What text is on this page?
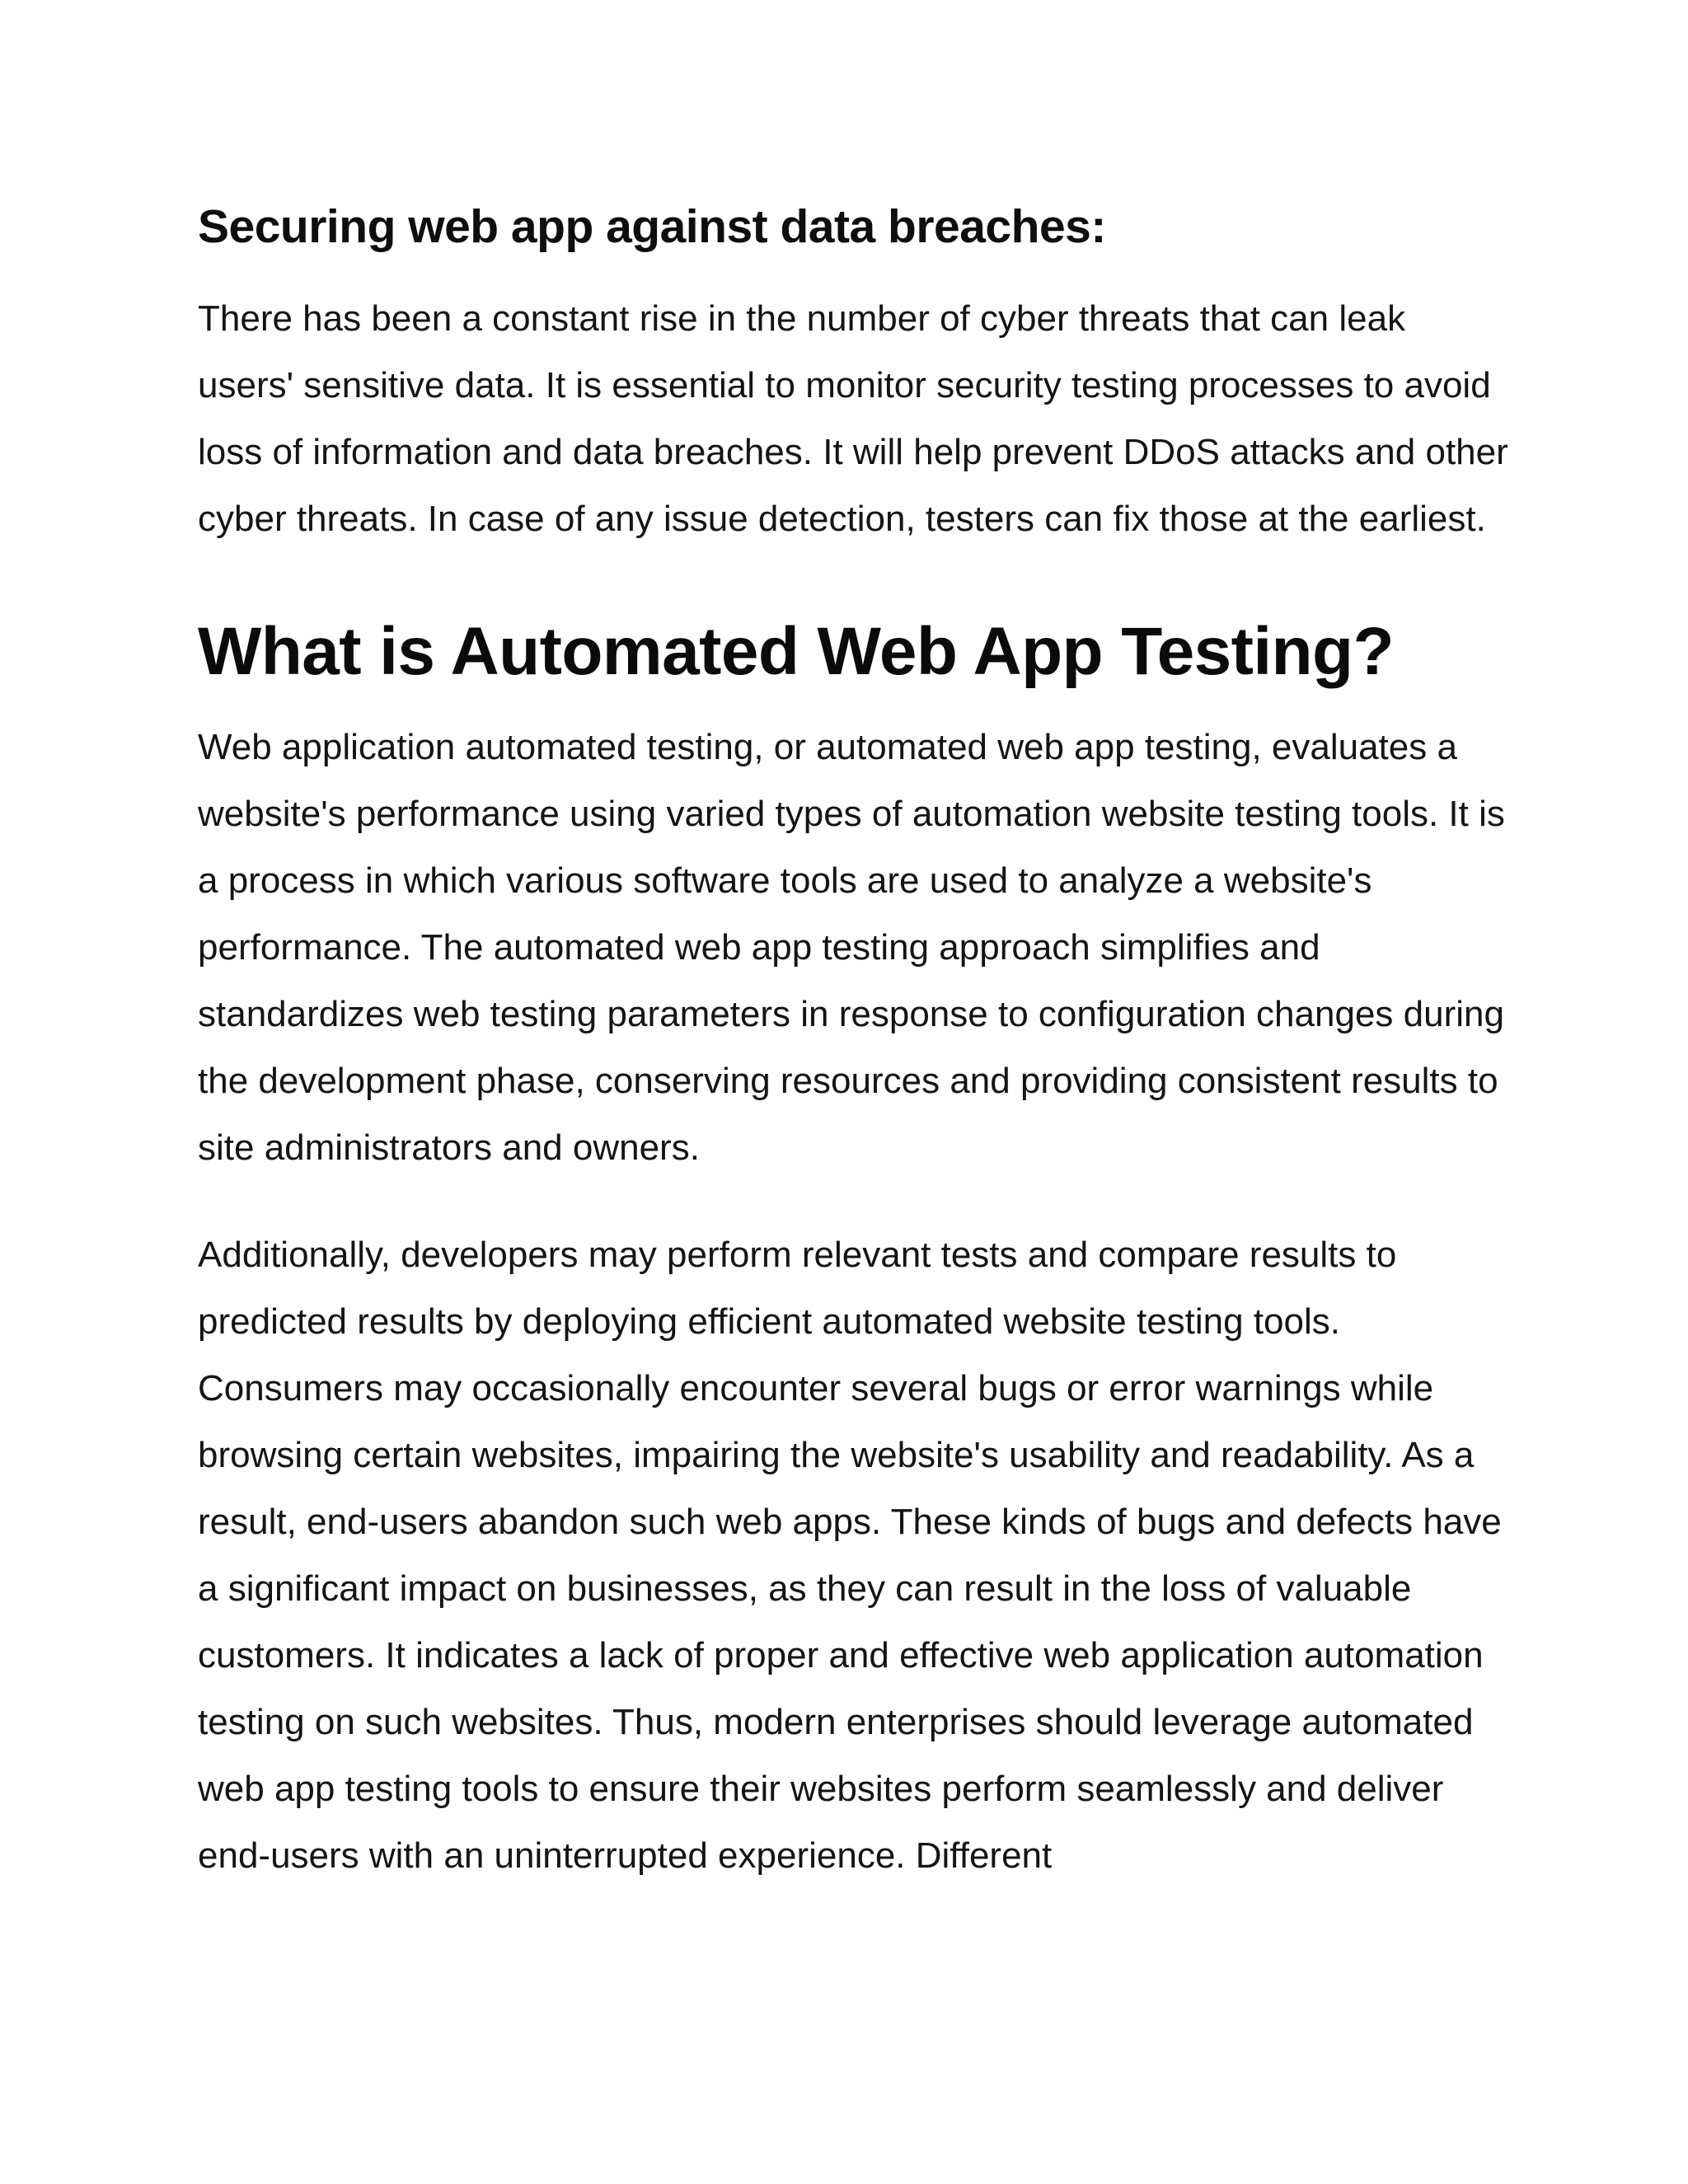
Securing web app against data breaches:

There has been a constant rise in the number of cyber threats that can leak users' sensitive data. It is essential to monitor security testing processes to avoid loss of information and data breaches. It will help prevent DDoS attacks and other cyber threats. In case of any issue detection, testers can fix those at the earliest.

What is Automated Web App Testing?

Web application automated testing, or automated web app testing, evaluates a website's performance using varied types of automation website testing tools. It is a process in which various software tools are used to analyze a website's performance. The automated web app testing approach simplifies and standardizes web testing parameters in response to configuration changes during the development phase, conserving resources and providing consistent results to site administrators and owners.

Additionally, developers may perform relevant tests and compare results to predicted results by deploying efficient automated website testing tools. Consumers may occasionally encounter several bugs or error warnings while browsing certain websites, impairing the website's usability and readability. As a result, end-users abandon such web apps. These kinds of bugs and defects have a significant impact on businesses, as they can result in the loss of valuable customers. It indicates a lack of proper and effective web application automation testing on such websites. Thus, modern enterprises should leverage automated web app testing tools to ensure their websites perform seamlessly and deliver end-users with an uninterrupted experience. Different
